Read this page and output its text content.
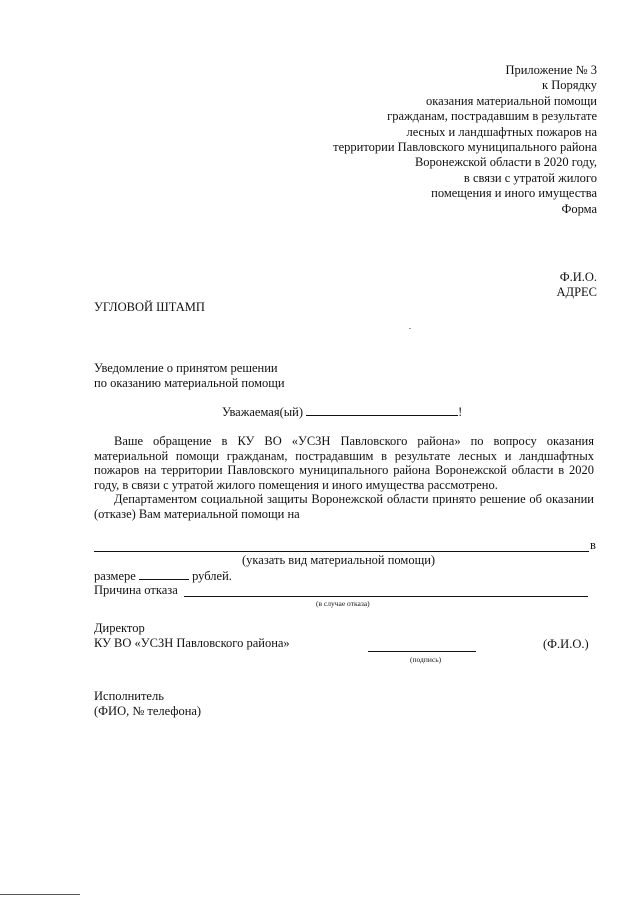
Приложение № 3
к Порядку
оказания материальной помощи
гражданам, пострадавшим в результате
лесных и ландшафтных пожаров на
территории Павловского муниципального района
Воронежской области в 2020 году,
в связи с утратой жилого
помещения и иного имущества
Форма
Ф.И.О.
АДРЕС
УГЛОВОЙ ШТАМП
Уведомление о принятом решении
по оказанию материальной помощи
Уважаемая(ый)	!

Ваше обращение в КУ ВО «УСЗН Павловского района» по вопросу оказания материальной помощи гражданам, пострадавшим в результате лесных и ландшафтных пожаров на территории Павловского муниципального района Воронежской области в 2020 году, в связи с утратой жилого помещения и иного имущества рассмотрено.

Департаментом социальной защиты Воронежской области принято решение об оказании (отказе) Вам материальной помощи на

в
(указать вид материальной помощи)
размере	рублей.
Причина отказа
(в случае отказа)
Директор
КУ ВО «УСЗН Павловского района»
(подпись)
(Ф.И.О.)
Исполнитель
(ФИО, № телефона)
